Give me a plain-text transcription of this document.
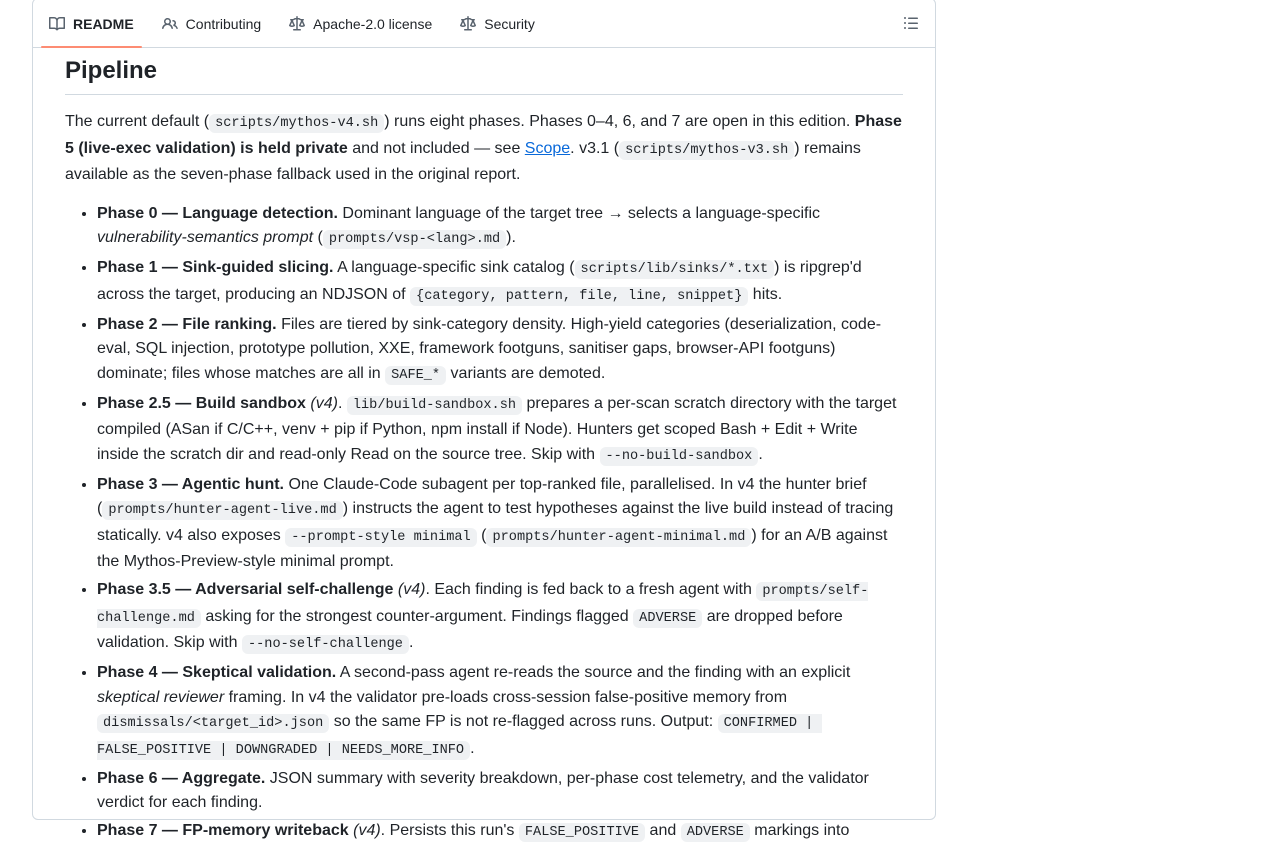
README	Contributing	Apache-2.0 license	Security
Pipeline

The current default ( scripts/mythos-v4.sh ) runs eight phases. Phases 0–4, 6, and 7 are open in this edition. Phase 5 (live-exec validation) is held private and not included — see Scope. v3.1 ( scripts/mythos-v3.sh ) remains available as the seven-phase fallback used in the original report.

• Phase 0 — Language detection. Dominant language of the target tree → selects a language-specific vulnerability-semantics prompt ( prompts/vsp-<lang>.md ).
• Phase 1 — Sink-guided slicing. A language-specific sink catalog ( scripts/lib/sinks/*.txt ) is ripgrep'd across the target, producing an NDJSON of {category, pattern, file, line, snippet} hits.
• Phase 2 — File ranking. Files are tiered by sink-category density. High-yield categories (deserialization, code-eval, SQL injection, prototype pollution, XXE, framework footguns, sanitiser gaps, browser-API footguns) dominate; files whose matches are all in SAFE_* variants are demoted.
• Phase 2.5 — Build sandbox (v4). lib/build-sandbox.sh prepares a per-scan scratch directory with the target compiled (ASan if C/C++, venv + pip if Python, npm install if Node). Hunters get scoped Bash + Edit + Write inside the scratch dir and read-only Read on the source tree. Skip with --no-build-sandbox .
• Phase 3 — Agentic hunt. One Claude-Code subagent per top-ranked file, parallelised. In v4 the hunter brief ( prompts/hunter-agent-live.md ) instructs the agent to test hypotheses against the live build instead of tracing statically. v4 also exposes --prompt-style minimal ( prompts/hunter-agent-minimal.md ) for an A/B against the Mythos-Preview-style minimal prompt.
• Phase 3.5 — Adversarial self-challenge (v4). Each finding is fed back to a fresh agent with prompts/self-challenge.md asking for the strongest counter-argument. Findings flagged ADVERSE are dropped before validation. Skip with --no-self-challenge .
• Phase 4 — Skeptical validation. A second-pass agent re-reads the source and the finding with an explicit skeptical reviewer framing. In v4 the validator pre-loads cross-session false-positive memory from dismissals/<target_id>.json so the same FP is not re-flagged across runs. Output: CONFIRMED | FALSE_POSITIVE | DOWNGRADED | NEEDS_MORE_INFO .
• Phase 6 — Aggregate. JSON summary with severity breakdown, per-phase cost telemetry, and the validator verdict for each finding.
• Phase 7 — FP-memory writeback (v4). Persists this run's FALSE_POSITIVE and ADVERSE markings into
